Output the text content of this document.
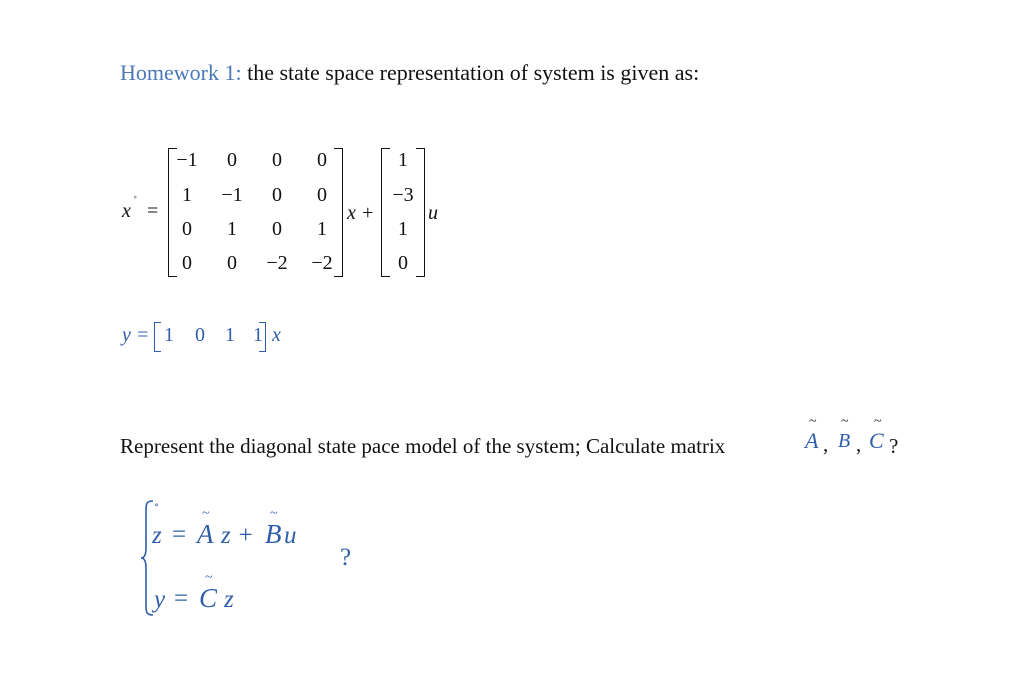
Homework 1: the state space representation of system is given as:
x
∘
=
−1	0	0	0
1	−1	0	0
0	1	0	1
0	0	−2	−2
x +
1
−3
1
0
u
y = 1 0 1 1 x
Represent the diagonal state pace model of the system; Calculate matrix
~
A ,
~
B ,
~
C ?
∘
z =
~
A z +
~
B u
y =
~
C z
?
